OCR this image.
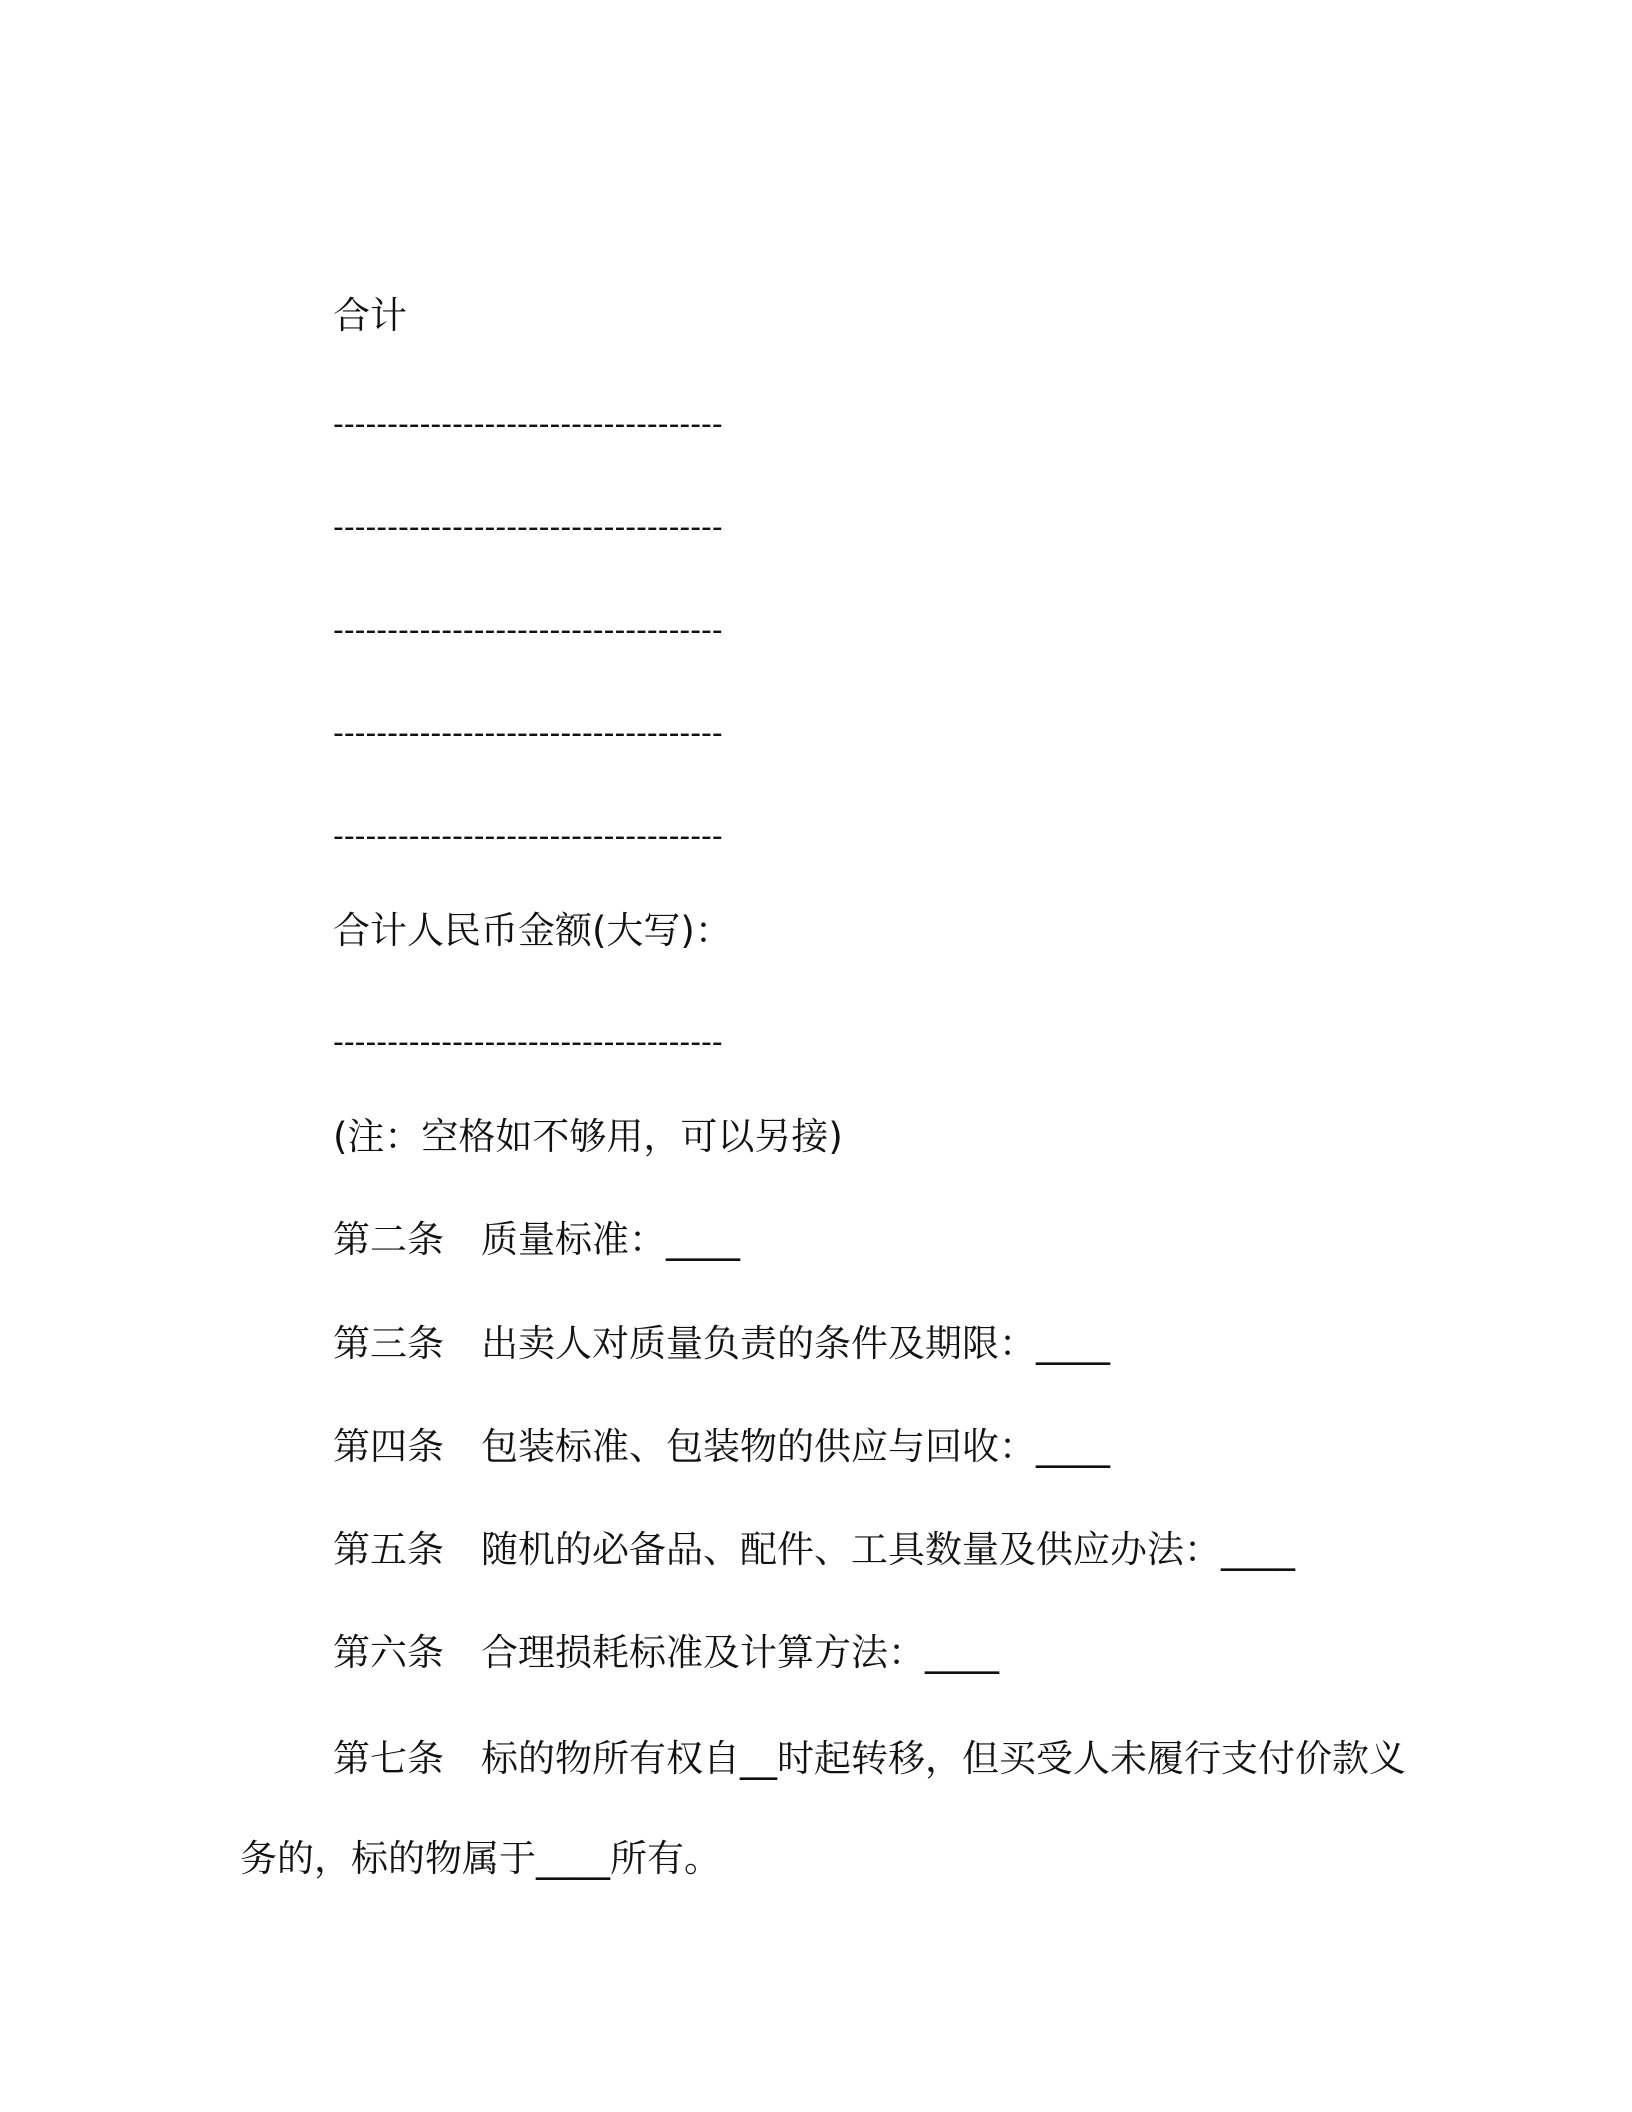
合计
------------------------------------
------------------------------------
------------------------------------
------------------------------------
------------------------------------
合计人民币金额(大写)：
------------------------------------
(注：空格如不够用，可以另接)
第二条　质量标准：____
第三条　出卖人对质量负责的条件及期限：____
第四条　包装标准、包装物的供应与回收：____
第五条　随机的必备品、配件、工具数量及供应办法：____
第六条　合理损耗标准及计算方法：____
第七条　标的物所有权自__时起转移，但买受人未履行支付价款义务的，标的物属于____所有。
